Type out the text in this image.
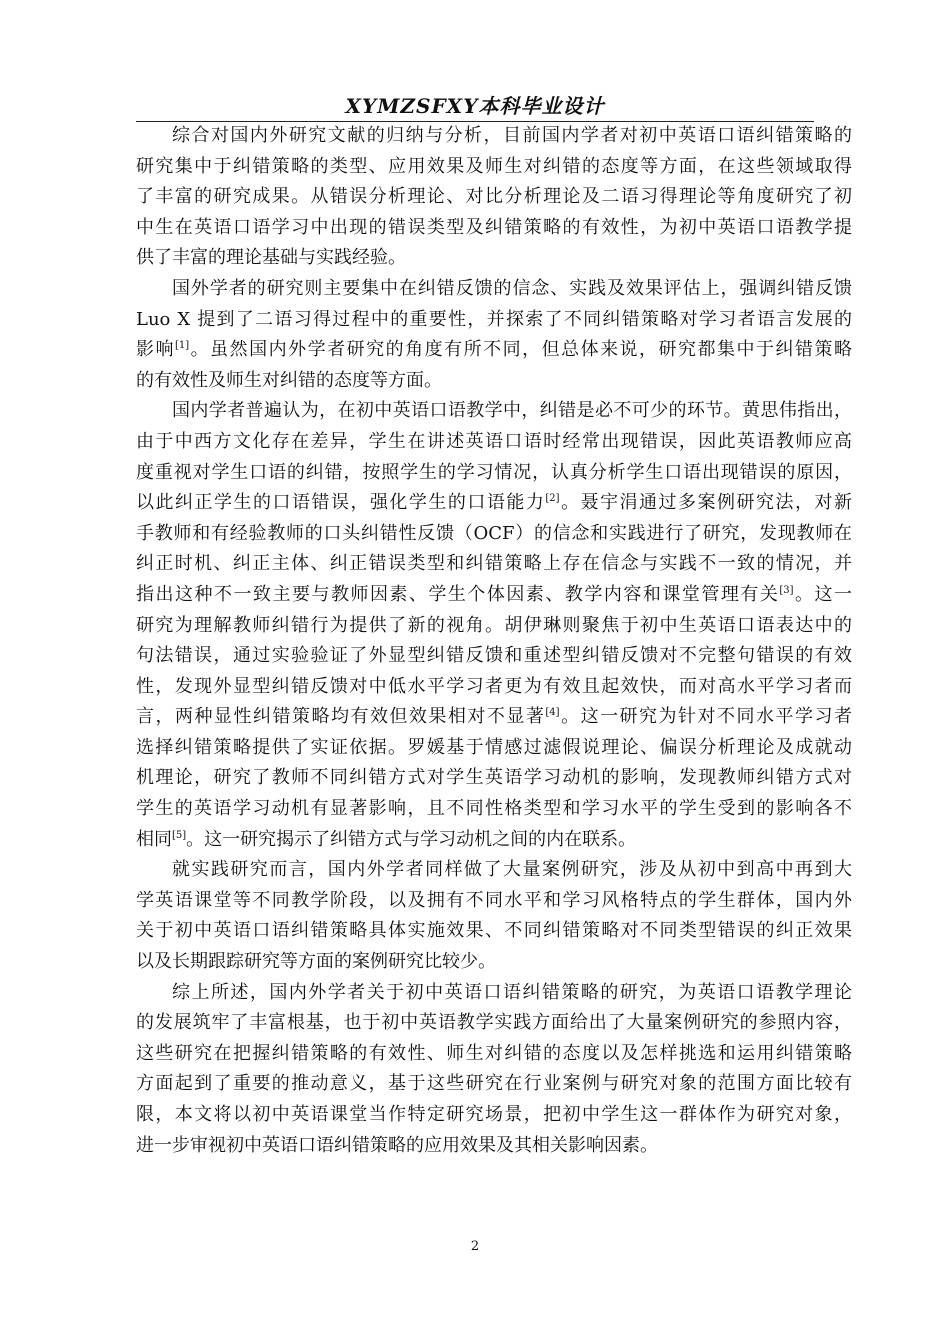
XYMZSFXY本科毕业设计

综合对国内外研究文献的归纳与分析，目前国内学者对初中英语口语纠错策略的
研究集中于纠错策略的类型、应用效果及师生对纠错的态度等方面，在这些领域取得
了丰富的研究成果。从错误分析理论、对比分析理论及二语习得理论等角度研究了初
中生在英语口语学习中出现的错误类型及纠错策略的有效性，为初中英语口语教学提
供了丰富的理论基础与实践经验。

国外学者的研究则主要集中在纠错反馈的信念、实践及效果评估上，强调纠错反馈
Luo X 提到了二语习得过程中的重要性，并探索了不同纠错策略对学习者语言发展的
影响[1]。虽然国内外学者研究的角度有所不同，但总体来说，研究都集中于纠错策略
的有效性及师生对纠错的态度等方面。

国内学者普遍认为，在初中英语口语教学中，纠错是必不可少的环节。黄思伟指出，
由于中西方文化存在差异，学生在讲述英语口语时经常出现错误，因此英语教师应高
度重视对学生口语的纠错，按照学生的学习情况，认真分析学生口语出现错误的原因，
以此纠正学生的口语错误，强化学生的口语能力[2]。聂宇涓通过多案例研究法，对新
手教师和有经验教师的口头纠错性反馈（OCF）的信念和实践进行了研究，发现教师在
纠正时机、纠正主体、纠正错误类型和纠错策略上存在信念与实践不一致的情况，并
指出这种不一致主要与教师因素、学生个体因素、教学内容和课堂管理有关[3]。这一
研究为理解教师纠错行为提供了新的视角。胡伊琳则聚焦于初中生英语口语表达中的
句法错误，通过实验验证了外显型纠错反馈和重述型纠错反馈对不完整句错误的有效
性，发现外显型纠错反馈对中低水平学习者更为有效且起效快，而对高水平学习者而
言，两种显性纠错策略均有效但效果相对不显著[4]。这一研究为针对不同水平学习者
选择纠错策略提供了实证依据。罗媛基于情感过滤假说理论、偏误分析理论及成就动
机理论，研究了教师不同纠错方式对学生英语学习动机的影响，发现教师纠错方式对
学生的英语学习动机有显著影响，且不同性格类型和学习水平的学生受到的影响各不
相同[5]。这一研究揭示了纠错方式与学习动机之间的内在联系。

就实践研究而言，国内外学者同样做了大量案例研究，涉及从初中到高中再到大
学英语课堂等不同教学阶段，以及拥有不同水平和学习风格特点的学生群体，国内外
关于初中英语口语纠错策略具体实施效果、不同纠错策略对不同类型错误的纠正效果
以及长期跟踪研究等方面的案例研究比较少。

综上所述，国内外学者关于初中英语口语纠错策略的研究，为英语口语教学理论
的发展筑牢了丰富根基，也于初中英语教学实践方面给出了大量案例研究的参照内容，
这些研究在把握纠错策略的有效性、师生对纠错的态度以及怎样挑选和运用纠错策略
方面起到了重要的推动意义，基于这些研究在行业案例与研究对象的范围方面比较有
限，本文将以初中英语课堂当作特定研究场景，把初中学生这一群体作为研究对象，
进一步审视初中英语口语纠错策略的应用效果及其相关影响因素。

2
